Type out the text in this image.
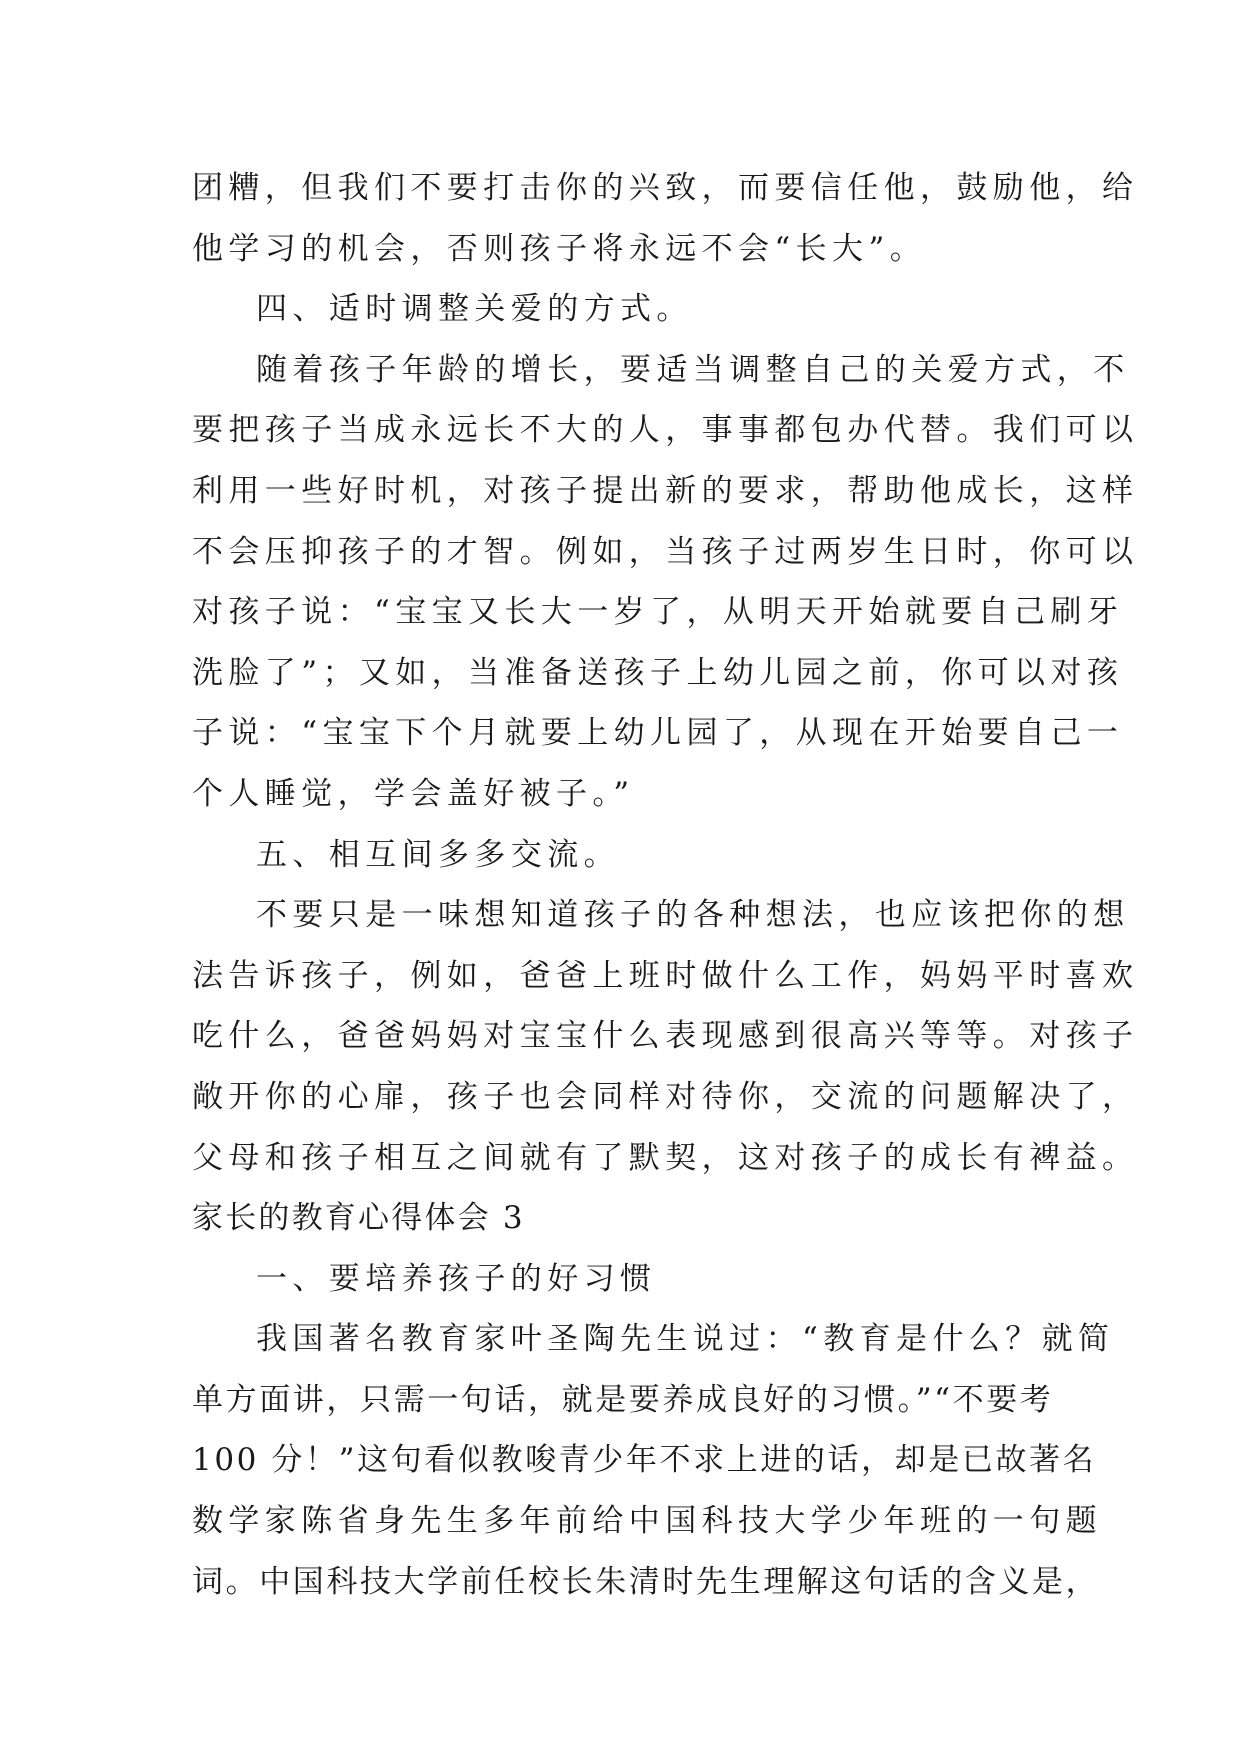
团糟，但我们不要打击你的兴致，而要信任他，鼓励他，给
他学习的机会，否则孩子将永远不会“长大”。
四、适时调整关爱的方式。
随着孩子年龄的增长，要适当调整自己的关爱方式，不
要把孩子当成永远长不大的人，事事都包办代替。我们可以
利用一些好时机，对孩子提出新的要求，帮助他成长，这样
不会压抑孩子的才智。例如，当孩子过两岁生日时，你可以
对孩子说：“宝宝又长大一岁了，从明天开始就要自己刷牙
洗脸了”；又如，当准备送孩子上幼儿园之前，你可以对孩
子说：“宝宝下个月就要上幼儿园了，从现在开始要自己一
个人睡觉，学会盖好被子。”
五、相互间多多交流。
不要只是一味想知道孩子的各种想法，也应该把你的想
法告诉孩子，例如，爸爸上班时做什么工作，妈妈平时喜欢
吃什么，爸爸妈妈对宝宝什么表现感到很高兴等等。对孩子
敞开你的心扉，孩子也会同样对待你，交流的问题解决了，
父母和孩子相互之间就有了默契，这对孩子的成长有裨益。
家长的教育心得体会 3
一、要培养孩子的好习惯
我国著名教育家叶圣陶先生说过：“教育是什么？就简
单方面讲，只需一句话，就是要养成良好的习惯。”“不要考
100 分！”这句看似教唆青少年不求上进的话，却是已故著名
数学家陈省身先生多年前给中国科技大学少年班的一句题
词。中国科技大学前任校长朱清时先生理解这句话的含义是，
